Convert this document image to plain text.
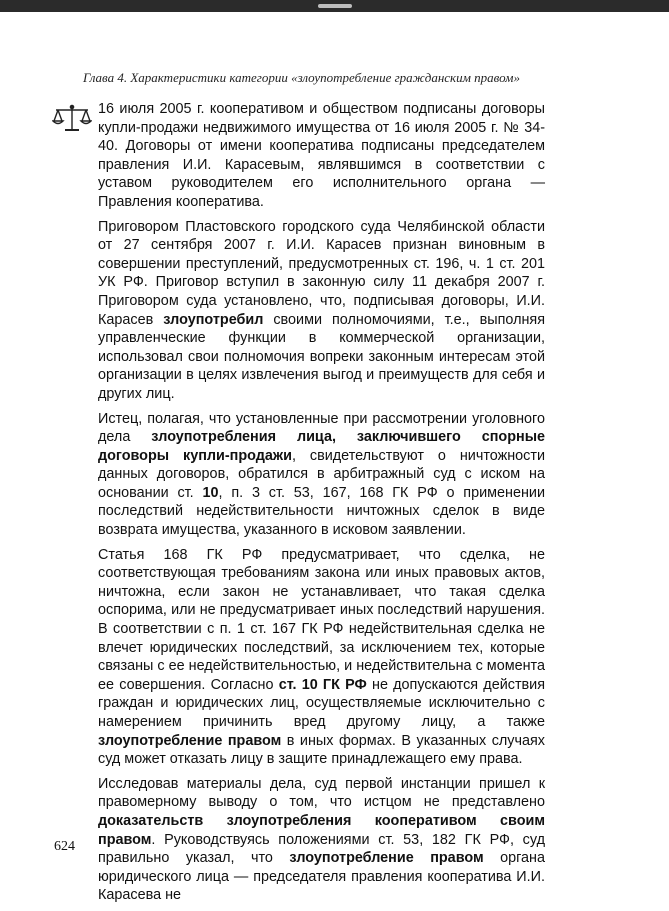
Глава 4. Характеристики категории «злоупотребление гражданским правом»

16 июля 2005 г. кооперативом и обществом подписаны договоры купли-продажи недвижимого имущества от 16 июля 2005 г. № 34-40. Договоры от имени кооператива подписаны председателем правления И.И. Карасевым, являвшимся в соответствии с уставом руководителем его исполнительного органа — Правления кооператива.

Приговором Пластовского городского суда Челябинской области от 27 сентября 2007 г. И.И. Карасев признан виновным в совершении преступлений, предусмотренных ст. 196, ч. 1 ст. 201 УК РФ. Приговор вступил в законную силу 11 декабря 2007 г. Приговором суда установлено, что, подписывая договоры, И.И. Карасев злоупотребил своими полномочиями, т.е., выполняя управленческие функции в коммерческой организации, использовал свои полномочия вопреки законным интересам этой организации в целях извлечения выгод и преимуществ для себя и других лиц.

Истец, полагая, что установленные при рассмотрении уголовного дела злоупотребления лица, заключившего спорные договоры купли-продажи, свидетельствуют о ничтожности данных договоров, обратился в арбитражный суд с иском на основании ст. 10, п. 3 ст. 53, 167, 168 ГК РФ о применении последствий недействительности ничтожных сделок в виде возврата имущества, указанного в исковом заявлении.

Статья 168 ГК РФ предусматривает, что сделка, не соответствующая требованиям закона или иных правовых актов, ничтожна, если закон не устанавливает, что такая сделка оспорима, или не предусматривает иных последствий нарушения. В соответствии с п. 1 ст. 167 ГК РФ недействительная сделка не влечет юридических последствий, за исключением тех, которые связаны с ее недействительностью, и недействительна с момента ее совершения. Согласно ст. 10 ГК РФ не допускаются действия граждан и юридических лиц, осуществляемые исключительно с намерением причинить вред другому лицу, а также злоупотребление правом в иных формах. В указанных случаях суд может отказать лицу в защите принадлежащего ему права.

Исследовав материалы дела, суд первой инстанции пришел к правомерному выводу о том, что истцом не представлено доказательств злоупотребления кооперативом своим правом. Руководствуясь положениями ст. 53, 182 ГК РФ, суд правильно указал, что злоупотребление правом органа юридического лица — председателя правления кооператива И.И. Карасева не

624
